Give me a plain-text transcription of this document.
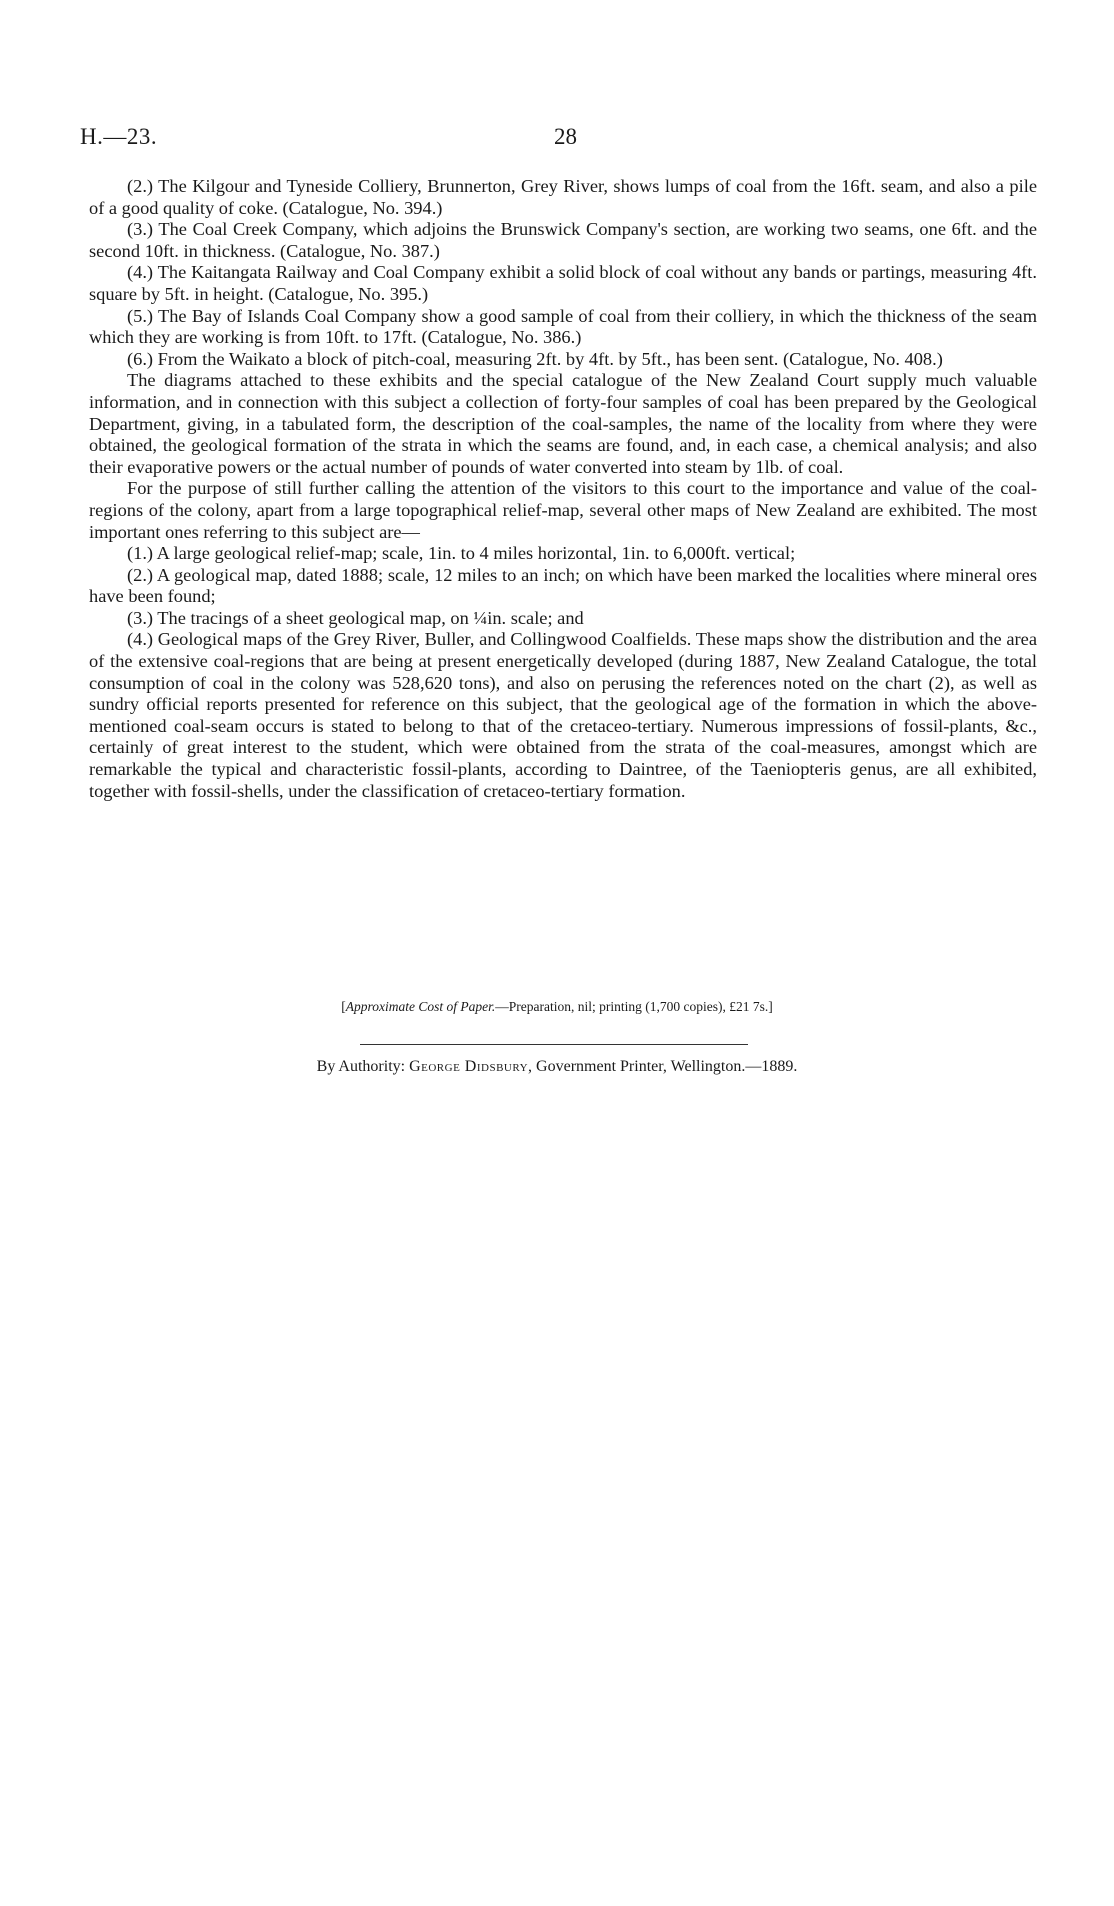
H.—23.	28

(2.) The Kilgour and Tyneside Colliery, Brunnerton, Grey River, shows lumps of coal from the 16ft. seam, and also a pile of a good quality of coke. (Catalogue, No. 394.)

(3.) The Coal Creek Company, which adjoins the Brunswick Company's section, are working two seams, one 6ft. and the second 10ft. in thickness. (Catalogue, No. 387.)

(4.) The Kaitangata Railway and Coal Company exhibit a solid block of coal without any bands or partings, measuring 4ft. square by 5ft. in height. (Catalogue, No. 395.)

(5.) The Bay of Islands Coal Company show a good sample of coal from their colliery, in which the thickness of the seam which they are working is from 10ft. to 17ft. (Catalogue, No. 386.)

(6.) From the Waikato a block of pitch-coal, measuring 2ft. by 4ft. by 5ft., has been sent. (Catalogue, No. 408.)

The diagrams attached to these exhibits and the special catalogue of the New Zealand Court supply much valuable information, and in connection with this subject a collection of forty-four samples of coal has been prepared by the Geological Department, giving, in a tabulated form, the description of the coal-samples, the name of the locality from where they were obtained, the geological formation of the strata in which the seams are found, and, in each case, a chemical analysis; and also their evaporative powers or the actual number of pounds of water converted into steam by 1lb. of coal.

For the purpose of still further calling the attention of the visitors to this court to the importance and value of the coal-regions of the colony, apart from a large topographical relief-map, several other maps of New Zealand are exhibited. The most important ones referring to this subject are—

(1.) A large geological relief-map; scale, 1in. to 4 miles horizontal, 1in. to 6,000ft. vertical;

(2.) A geological map, dated 1888; scale, 12 miles to an inch; on which have been marked the localities where mineral ores have been found;

(3.) The tracings of a sheet geological map, on ¼in. scale; and

(4.) Geological maps of the Grey River, Buller, and Collingwood Coalfields. These maps show the distribution and the area of the extensive coal-regions that are being at present energetically developed (during 1887, New Zealand Catalogue, the total consumption of coal in the colony was 528,620 tons), and also on perusing the references noted on the chart (2), as well as sundry official reports presented for reference on this subject, that the geological age of the formation in which the above-mentioned coal-seam occurs is stated to belong to that of the cretaceo-tertiary. Numerous impressions of fossil-plants, &c., certainly of great interest to the student, which were obtained from the strata of the coal-measures, amongst which are remarkable the typical and characteristic fossil-plants, according to Daintree, of the Taeniopteris genus, are all exhibited, together with fossil-shells, under the classification of cretaceo-tertiary formation.

[Approximate Cost of Paper.—Preparation, nil; printing (1,700 copies), £21 7s.]
By Authority: George Didsbury, Government Printer, Wellington.—1889.
